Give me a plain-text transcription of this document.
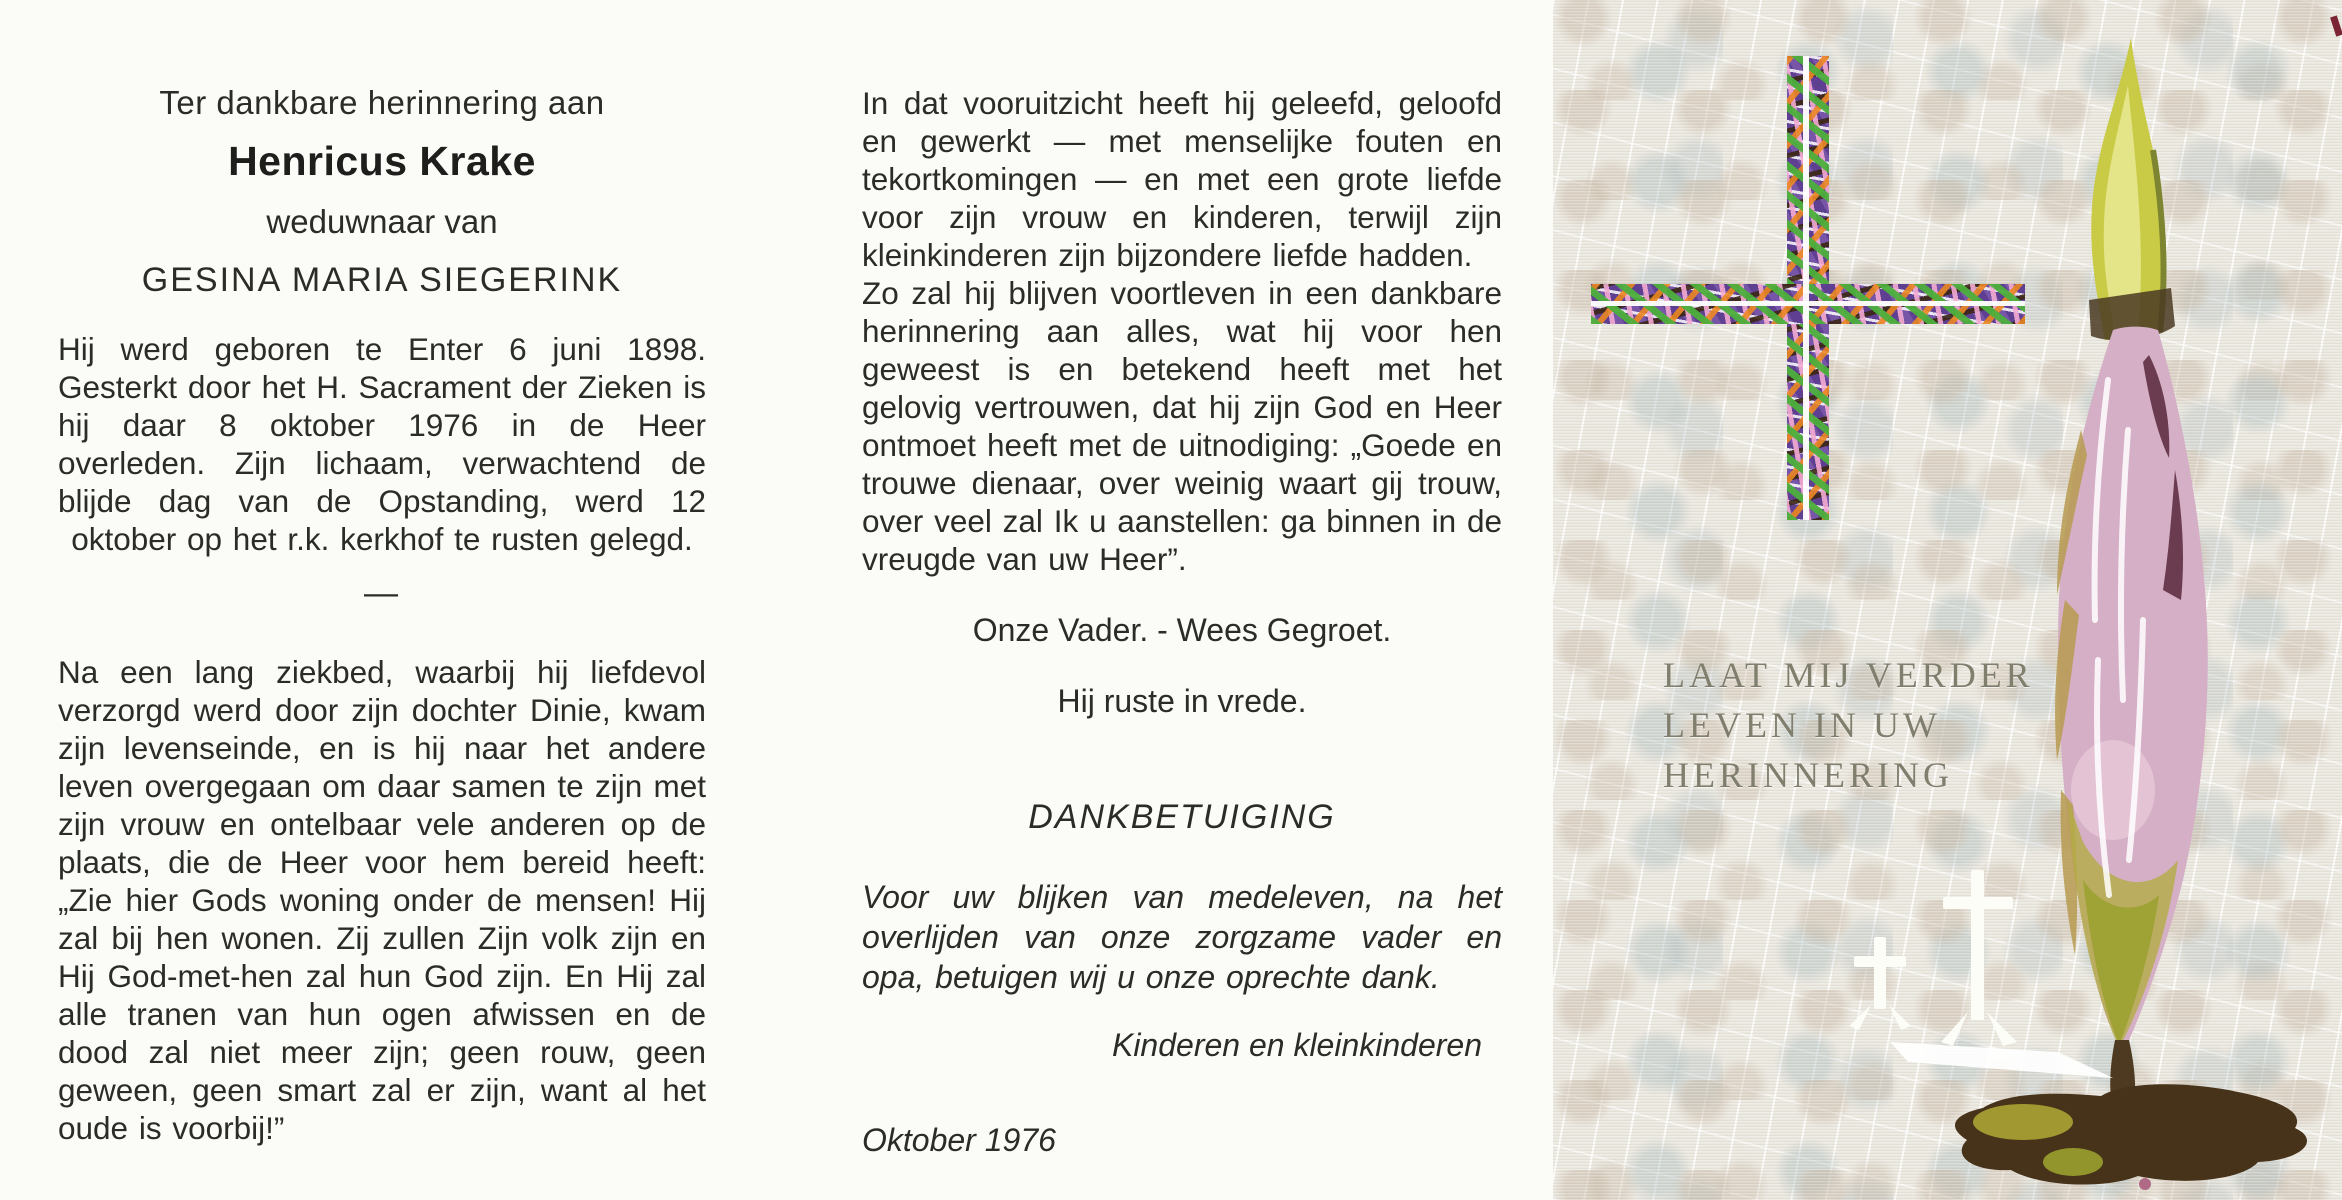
Ter dankbare herinnering aan
Henricus Krake
weduwnaar van
GESINA MARIA SIEGERINK

Hij werd geboren te Enter 6 juni 1898. Gesterkt door het H. Sacrament der Zieken is hij daar 8 oktober 1976 in de Heer overleden. Zijn lichaam, verwachtend de blijde dag van de Opstanding, werd 12 oktober op het r.k. kerkhof te rusten gelegd.

—

Na een lang ziekbed, waarbij hij liefdevol verzorgd werd door zijn dochter Dinie, kwam zijn levenseinde, en is hij naar het andere leven overgegaan om daar samen te zijn met zijn vrouw en ontelbaar vele anderen op de plaats, die de Heer voor hem bereid heeft: „Zie hier Gods woning onder de mensen! Hij zal bij hen wonen. Zij zullen Zijn volk zijn en Hij God-met-hen zal hun God zijn. En Hij zal alle tranen van hun ogen afwissen en de dood zal niet meer zijn; geen rouw, geen geween, geen smart zal er zijn, want al het oude is voorbij!”

In dat vooruitzicht heeft hij geleefd, geloofd en gewerkt — met menselijke fouten en tekortkomingen — en met een grote liefde voor zijn vrouw en kinderen, terwijl zijn kleinkinderen zijn bijzondere liefde hadden.

Zo zal hij blijven voortleven in een dankbare herinnering aan alles, wat hij voor hen geweest is en betekend heeft met het gelovig vertrouwen, dat hij zijn God en Heer ontmoet heeft met de uitnodiging: „Goede en trouwe dienaar, over weinig waart gij trouw, over veel zal Ik u aanstellen: ga binnen in de vreugde van uw Heer”.

Onze Vader. - Wees Gegroet.
Hij ruste in vrede.
DANKBETUIGING

Voor uw blijken van medeleven, na het overlijden van onze zorgzame vader en opa, betuigen wij u onze oprechte dank.

Kinderen en kleinkinderen
Oktober 1976
LAAT MIJ VERDER
LEVEN IN UW
HERINNERING
